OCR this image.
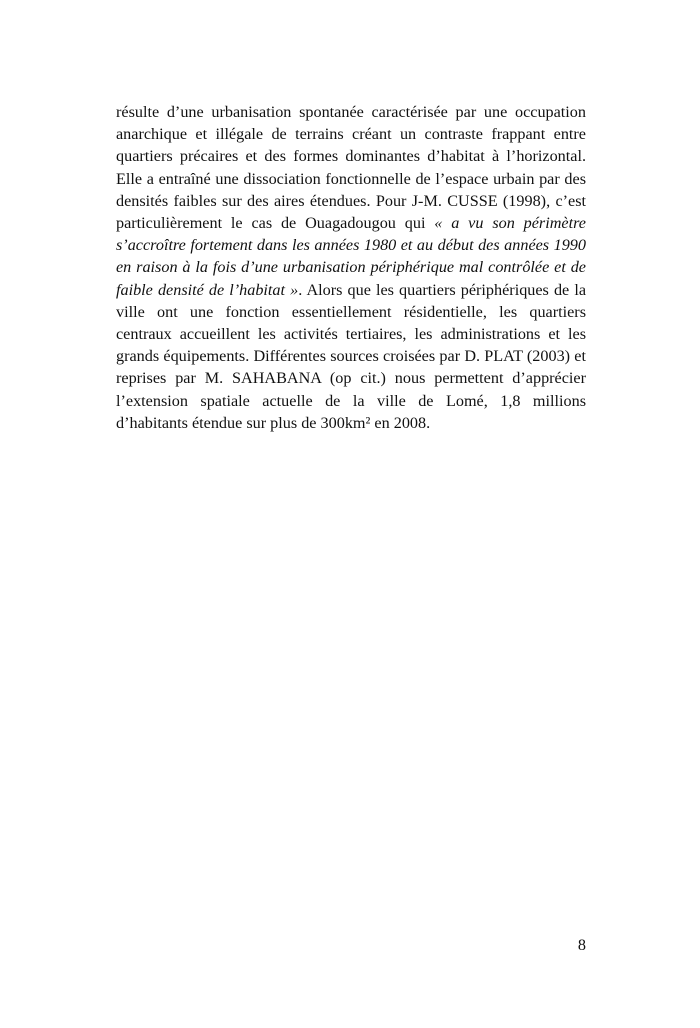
résulte d’une urbanisation spontanée caractérisée par une occupation anarchique et illégale de terrains créant un contraste frappant entre quartiers précaires et des formes dominantes d’habitat à l’horizontal. Elle a entraîné une dissociation fonctionnelle de l’espace urbain par des densités faibles sur des aires étendues. Pour J-M. CUSSE (1998), c’est particulièrement le cas de Ouagadougou qui « a vu son périmètre s’accroître fortement dans les années 1980 et au début des années 1990 en raison à la fois d’une urbanisation périphérique mal contrôlée et de faible densité de l’habitat ». Alors que les quartiers périphériques de la ville ont une fonction essentiellement résidentielle, les quartiers centraux accueillent les activités tertiaires, les administrations et les grands équipements. Différentes sources croisées par D. PLAT (2003) et reprises par M. SAHABANA (op cit.) nous permettent d’apprécier l’extension spatiale actuelle de la ville de Lomé, 1,8 millions d’habitants étendue sur plus de 300km² en 2008.

8
